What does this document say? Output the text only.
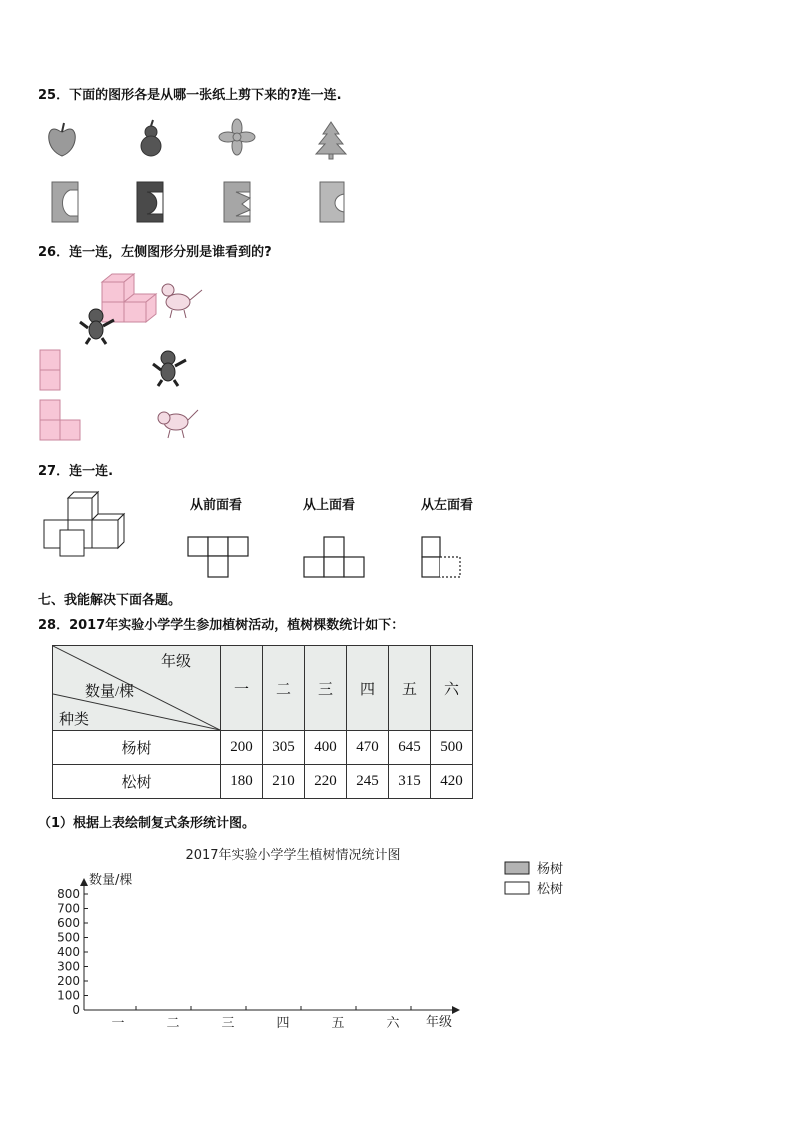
25．下面的图形各是从哪一张纸上剪下来的?连一连.
26．连一连，左侧图形分别是谁看到的?
27．连一连.
从前面看	从上面看	从左面看
七、我能解决下面各题。
28．2017年实验小学学生参加植树活动，植树棵数统计如下：
年级
数量/棵
种类	一	二	三	四	五	六
杨树	200	305	400	470	645	500
松树	180	210	220	245	315	420
（1）根据上表绘制复式条形统计图。
2017年实验小学学生植树情况统计图
数量/棵
年级
0
100
200
300
400
500
600
700
800
一	二	三	四	五	六
杨树
松树
